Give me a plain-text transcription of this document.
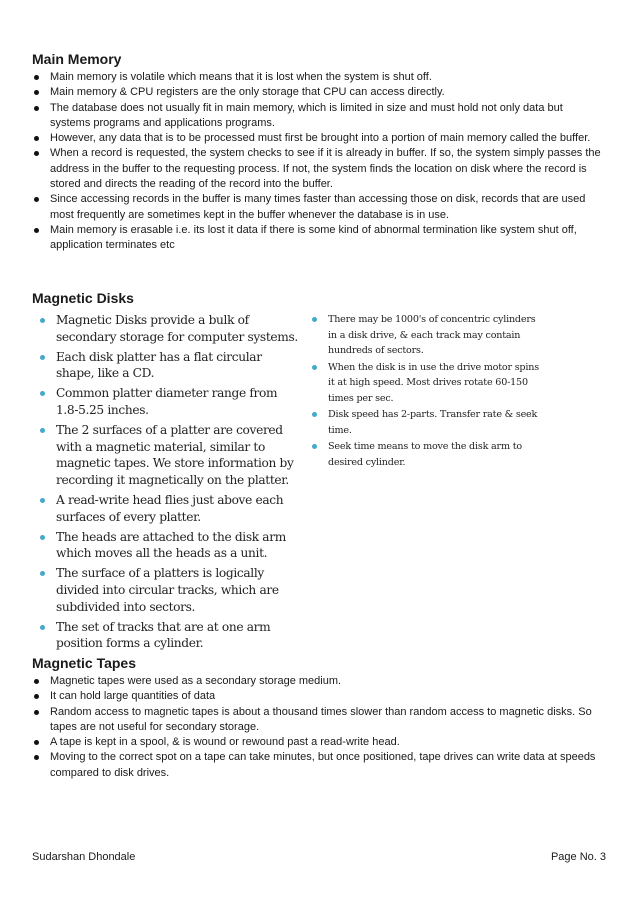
Main Memory
Main memory is volatile which means that it is lost when the system is shut off.
Main memory & CPU registers are the only storage that CPU can access directly.
The database does not usually fit in main memory, which is limited in size and must hold not only data but systems programs and applications programs.
However, any data that is to be processed must first be brought into a portion of main memory called the buffer.
When a record is requested, the system checks to see if it is already in buffer. If so, the system simply passes the address in the buffer to the requesting process. If not, the system finds the location on disk where the record is stored and directs the reading of the record into the buffer.
Since accessing records in the buffer is many times faster than accessing those on disk, records that are used most frequently are sometimes kept in the buffer whenever the database is in use.
Main memory is erasable i.e. its lost it data if there is some kind of abnormal termination like system shut off, application terminates etc
Magnetic Disks
Magnetic Disks provide a bulk of secondary storage for computer systems.
Each disk platter has a flat circular shape, like a CD.
Common platter diameter range from 1.8-5.25 inches.
The 2 surfaces of a platter are covered with a magnetic material, similar to magnetic tapes. We store information by recording it magnetically on the platter.
A read-write head flies just above each surfaces of every platter.
The heads are attached to the disk arm which moves all the heads as a unit.
The surface of a platters is logically divided into circular tracks, which are subdivided into sectors.
The set of tracks that are at one arm position forms a cylinder.
There may be 1000's of concentric cylinders in a disk drive, & each track may contain hundreds of sectors.
When the disk is in use the drive motor spins it at high speed. Most drives rotate 60-150 times per sec.
Disk speed has 2-parts. Transfer rate & seek time.
Seek time means to move the disk arm to desired cylinder.
Magnetic Tapes
Magnetic tapes were used as a secondary storage medium.
It can hold large quantities of data
Random access to magnetic tapes is about a thousand times slower than random access to magnetic disks. So tapes are not useful for secondary storage.
A tape is kept in a spool, & is wound or rewound past a read-write head.
Moving to the correct spot on a tape can take minutes, but once positioned, tape drives can write data at speeds compared to disk drives.
Sudarshan Dhondale	Page No. 3
